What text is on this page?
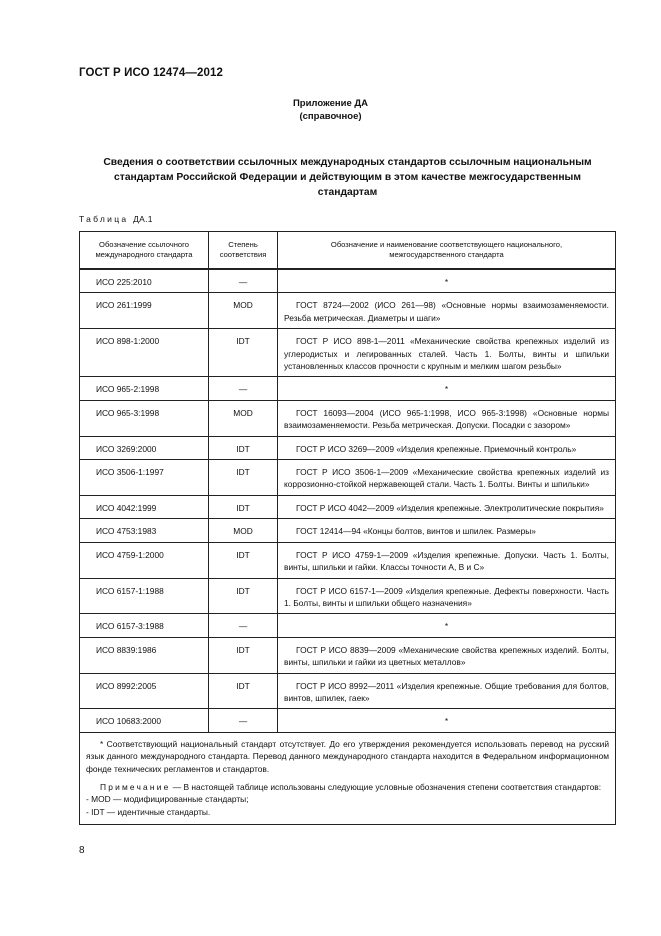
ГОСТ Р ИСО 12474—2012
Приложение ДА
(справочное)
Сведения о соответствии ссылочных международных стандартов ссылочным национальным
стандартам Российской Федерации и действующим в этом качестве межгосударственным
стандартам
Таблица ДА.1
Обозначение ссылочного международного стандарта	Степень соответствия	Обозначение и наименование соответствующего национального, межгосударственного стандарта
ИСО 225:2010	—	*
ИСО 261:1999	MOD	ГОСТ 8724—2002 (ИСО 261—98) «Основные нормы взаимозаменяемости. Резьба метрическая. Диаметры и шаги»
ИСО 898-1:2000	IDT	ГОСТ Р ИСО 898-1—2011 «Механические свойства крепежных изделий из углеродистых и легированных сталей. Часть 1. Болты, винты и шпильки установленных классов прочности с крупным и мелким шагом резьбы»
ИСО 965-2:1998	—	*
ИСО 965-3:1998	MOD	ГОСТ 16093—2004 (ИСО 965-1:1998, ИСО 965-3:1998) «Основные нормы взаимозаменяемости. Резьба метрическая. Допуски. Посадки с зазором»
ИСО 3269:2000	IDT	ГОСТ Р ИСО 3269—2009 «Изделия крепежные. Приемочный контроль»
ИСО 3506-1:1997	IDT	ГОСТ Р ИСО 3506-1—2009 «Механические свойства крепежных изделий из коррозионно-стойкой нержавеющей стали. Часть 1. Болты. Винты и шпильки»
ИСО 4042:1999	IDT	ГОСТ Р ИСО 4042—2009 «Изделия крепежные. Электролитические покрытия»
ИСО 4753:1983	MOD	ГОСТ 12414—94 «Концы болтов, винтов и шпилек. Размеры»
ИСО 4759-1:2000	IDT	ГОСТ Р ИСО 4759-1—2009 «Изделия крепежные. Допуски. Часть 1. Болты, винты, шпильки и гайки. Классы точности А, В и С»
ИСО 6157-1:1988	IDT	ГОСТ Р ИСО 6157-1—2009 «Изделия крепежные. Дефекты поверхности. Часть 1. Болты, винты и шпильки общего назначения»
ИСО 6157-3:1988	—	*
ИСО 8839:1986	IDT	ГОСТ Р ИСО 8839—2009 «Механические свойства крепежных изделий. Болты, винты, шпильки и гайки из цветных металлов»
ИСО 8992:2005	IDT	ГОСТ Р ИСО 8992—2011 «Изделия крепежные. Общие требования для болтов, винтов, шпилек, гаек»
ИСО 10683:2000	—	*

* Соответствующий национальный стандарт отсутствует. До его утверждения рекомендуется использовать перевод на русский язык данного международного стандарта. Перевод данного международного стандарта находится в Федеральном информационном фонде технических регламентов и стандартов.
Примечание — В настоящей таблице использованы следующие условные обозначения степени соответствия стандартов:
- MOD — модифицированные стандарты;
- IDT — идентичные стандарты.		
8
